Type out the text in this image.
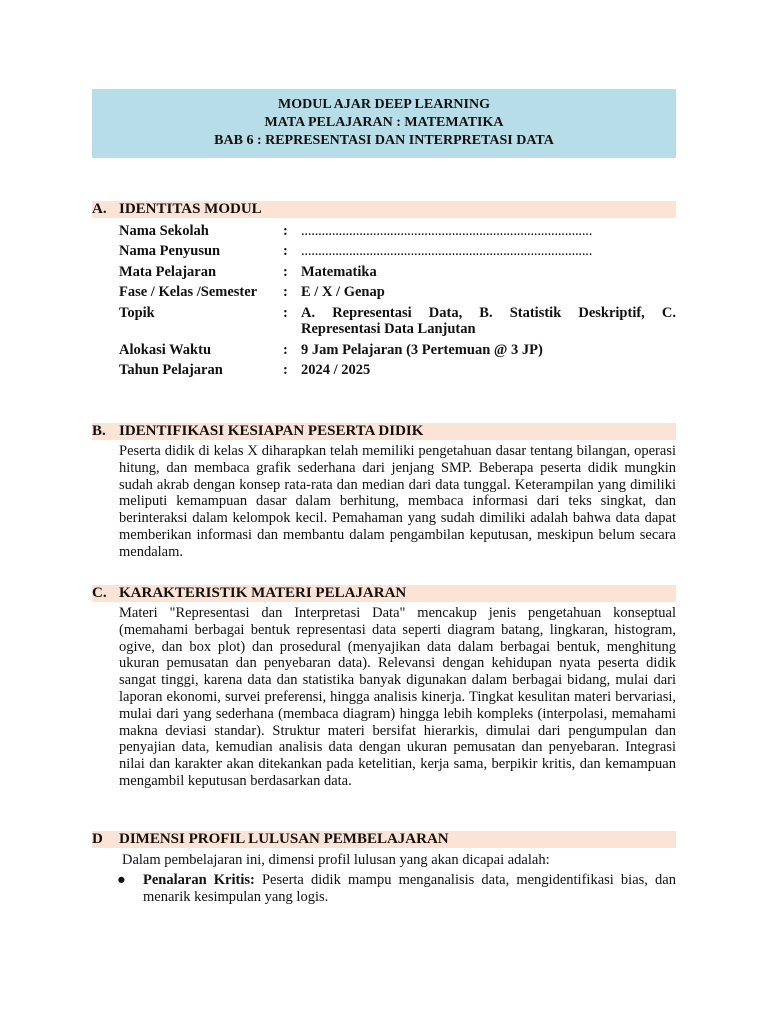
MODUL AJAR DEEP LEARNING
MATA PELAJARAN : MATEMATIKA
BAB 6 : REPRESENTASI DAN INTERPRETASI DATA
A. IDENTITAS MODUL
Nama Sekolah	: .....................................................................................
Nama Penyusun	: .....................................................................................
Mata Pelajaran	: Matematika
Fase / Kelas /Semester : E / X / Genap
Topik	: A. Representasi Data, B. Statistik Deskriptif, C. Representasi Data Lanjutan
Alokasi Waktu	: 9 Jam Pelajaran (3 Pertemuan @ 3 JP)
Tahun Pelajaran	: 2024 / 2025
B. IDENTIFIKASI KESIAPAN PESERTA DIDIK
Peserta didik di kelas X diharapkan telah memiliki pengetahuan dasar tentang bilangan, operasi hitung, dan membaca grafik sederhana dari jenjang SMP. Beberapa peserta didik mungkin sudah akrab dengan konsep rata-rata dan median dari data tunggal. Keterampilan yang dimiliki meliputi kemampuan dasar dalam berhitung, membaca informasi dari teks singkat, dan berinteraksi dalam kelompok kecil. Pemahaman yang sudah dimiliki adalah bahwa data dapat memberikan informasi dan membantu dalam pengambilan keputusan, meskipun belum secara mendalam.
C. KARAKTERISTIK MATERI PELAJARAN
Materi "Representasi dan Interpretasi Data" mencakup jenis pengetahuan konseptual (memahami berbagai bentuk representasi data seperti diagram batang, lingkaran, histogram, ogive, dan box plot) dan prosedural (menyajikan data dalam berbagai bentuk, menghitung ukuran pemusatan dan penyebaran data). Relevansi dengan kehidupan nyata peserta didik sangat tinggi, karena data dan statistika banyak digunakan dalam berbagai bidang, mulai dari laporan ekonomi, survei preferensi, hingga analisis kinerja. Tingkat kesulitan materi bervariasi, mulai dari yang sederhana (membaca diagram) hingga lebih kompleks (interpolasi, memahami makna deviasi standar). Struktur materi bersifat hierarkis, dimulai dari pengumpulan dan penyajian data, kemudian analisis data dengan ukuran pemusatan dan penyebaran. Integrasi nilai dan karakter akan ditekankan pada ketelitian, kerja sama, berpikir kritis, dan kemampuan mengambil keputusan berdasarkan data.
D DIMENSI PROFIL LULUSAN PEMBELAJARAN
Dalam pembelajaran ini, dimensi profil lulusan yang akan dicapai adalah:
● Penalaran Kritis: Peserta didik mampu menganalisis data, mengidentifikasi bias, dan menarik kesimpulan yang logis.
